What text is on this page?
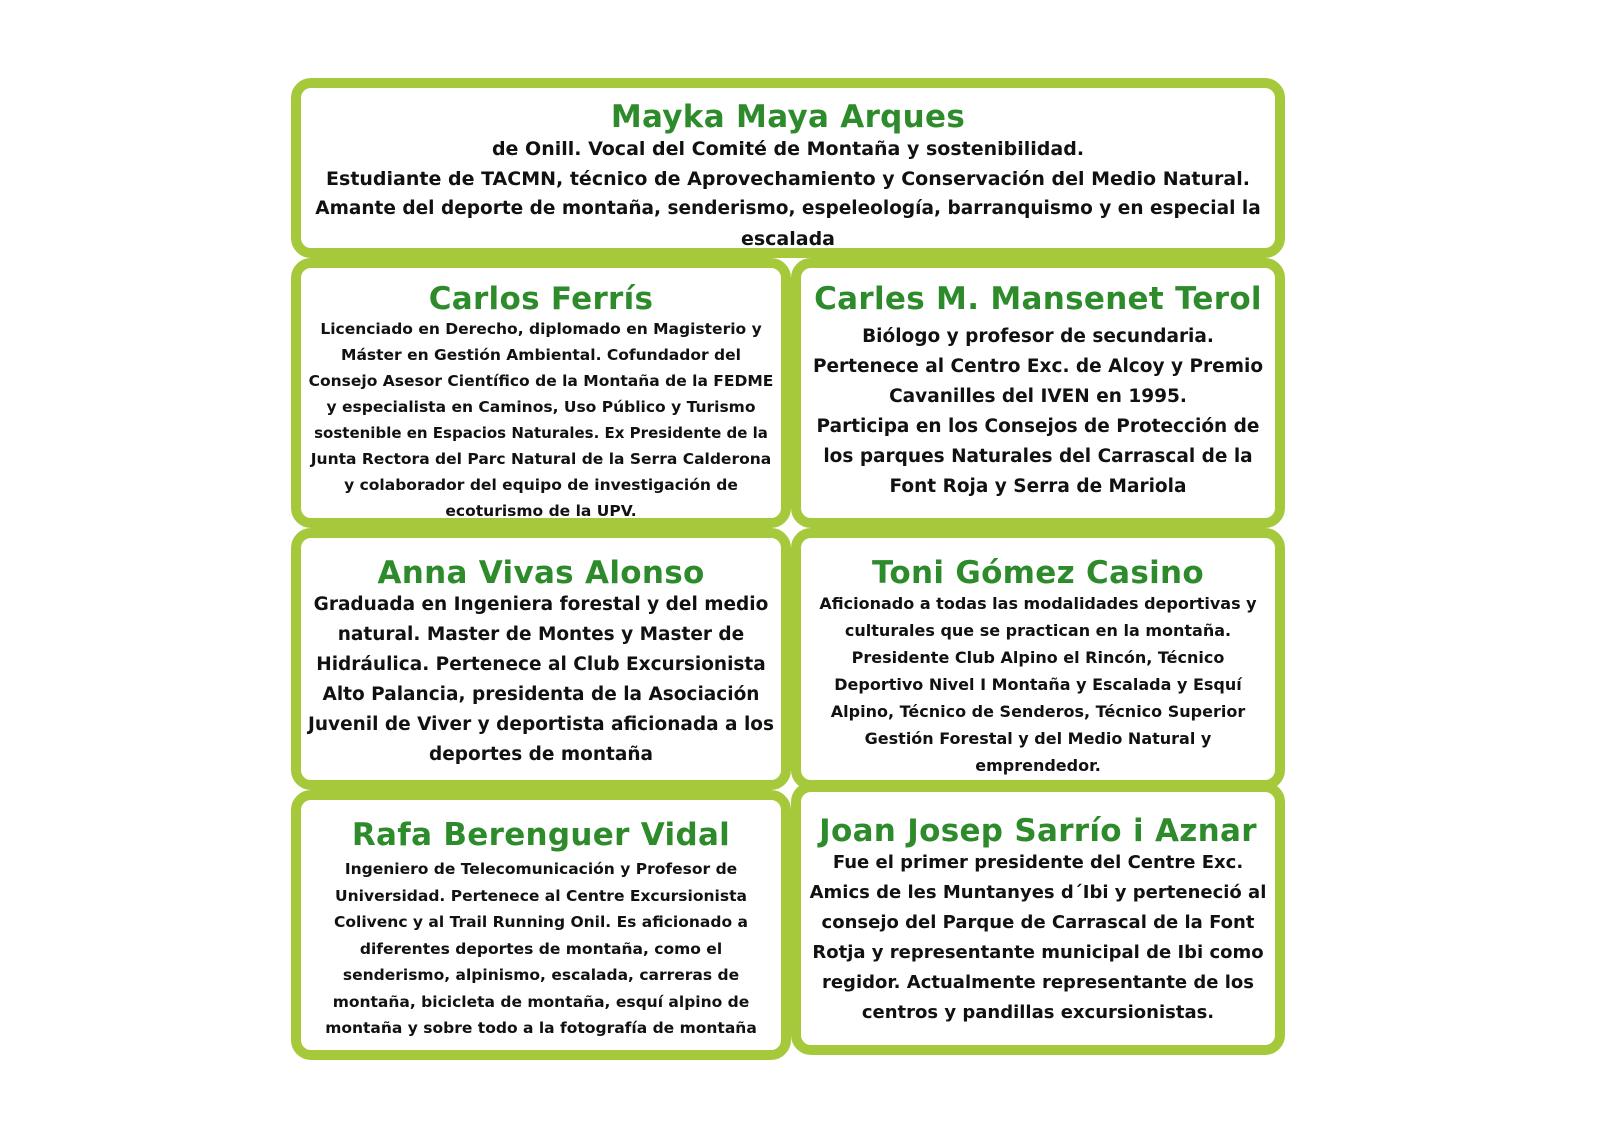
Mayka Maya Arques

de Onill. Vocal del Comité de Montaña y sostenibilidad.

Estudiante de TACMN, técnico de Aprovechamiento y Conservación del Medio Natural.

Amante del deporte de montaña, senderismo, espeleología, barranquismo y en especial la

escalada

Carlos Ferrís

Licenciado en Derecho, diplomado en Magisterio y

Máster en Gestión Ambiental. Cofundador del

Consejo Asesor Científico de la Montaña de la FEDME

y especialista en Caminos, Uso Público y Turismo

sostenible en Espacios Naturales. Ex Presidente de la

Junta Rectora del Parc Natural de la Serra Calderona

y colaborador del equipo de investigación de

ecoturismo de la UPV.

Carles M. Mansenet Terol

Biólogo y profesor de secundaria.

Pertenece al Centro Exc. de Alcoy y Premio

Cavanilles del IVEN en 1995.

Participa en los Consejos de Protección de

los parques Naturales del Carrascal de la

Font Roja y Serra de Mariola

Anna Vivas Alonso

Graduada en Ingeniera forestal y del medio

natural. Master de Montes y Master de

Hidráulica. Pertenece al Club Excursionista

Alto Palancia, presidenta de la Asociación

Juvenil de Viver y deportista aficionada a los

deportes de montaña

Toni Gómez Casino

Aficionado a todas las modalidades deportivas y

culturales que se practican en la montaña.

Presidente Club Alpino el Rincón, Técnico

Deportivo Nivel I Montaña y Escalada y Esquí

Alpino, Técnico de Senderos, Técnico Superior

Gestión Forestal y del Medio Natural y

emprendedor.

Rafa Berenguer Vidal

Ingeniero de Telecomunicación y Profesor de

Universidad. Pertenece al Centre Excursionista

Colivenc y al Trail Running Onil. Es aficionado a

diferentes deportes de montaña, como el

senderismo, alpinismo, escalada, carreras de

montaña, bicicleta de montaña, esquí alpino de

montaña y sobre todo a la fotografía de montaña

Joan Josep Sarrío i Aznar

Fue el primer presidente del Centre Exc.

Amics de les Muntanyes d´Ibi y perteneció al

consejo del Parque de Carrascal de la Font

Rotja y representante municipal de Ibi como

regidor. Actualmente representante de los

centros y pandillas excursionistas.
